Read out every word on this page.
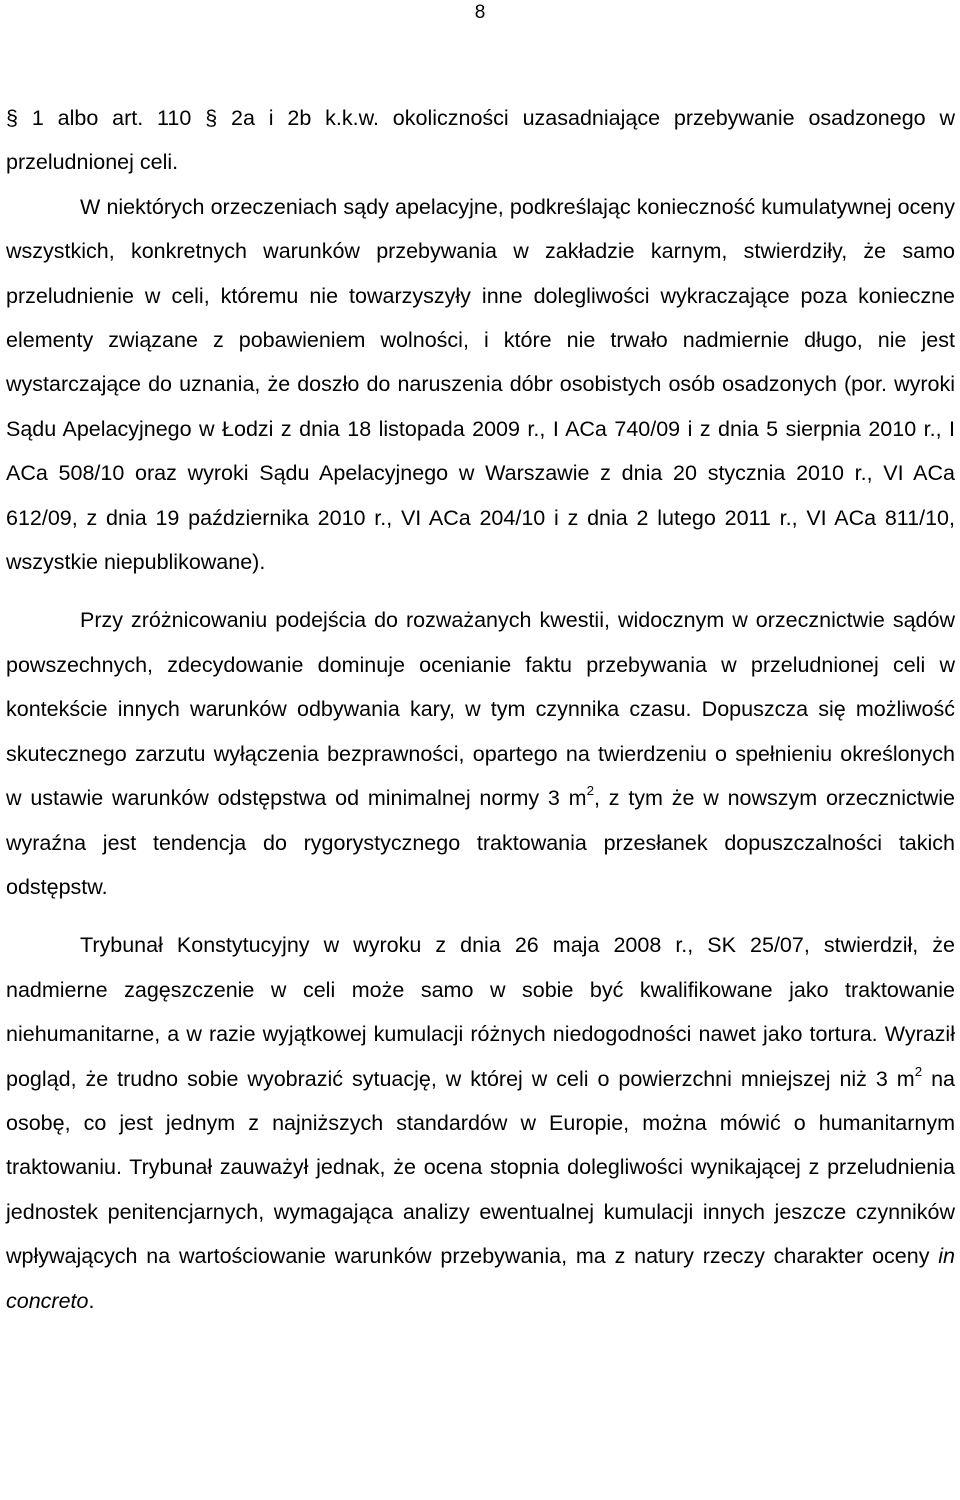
8

§ 1 albo art. 110 § 2a i 2b k.k.w. okoliczności uzasadniające przebywanie osadzonego w przeludnionej celi.

W niektórych orzeczeniach sądy apelacyjne, podkreślając konieczność kumulatywnej oceny wszystkich, konkretnych warunków przebywania w zakładzie karnym, stwierdziły, że samo przeludnienie w celi, któremu nie towarzyszyły inne dolegliwości wykraczające poza konieczne elementy związane z pobawieniem wolności, i które nie trwało nadmiernie długo, nie jest wystarczające do uznania, że doszło do naruszenia dóbr osobistych osób osadzonych (por. wyroki Sądu Apelacyjnego w Łodzi z dnia 18 listopada 2009 r., I ACa 740/09 i z dnia 5 sierpnia 2010 r., I ACa 508/10 oraz wyroki Sądu Apelacyjnego w Warszawie z dnia 20 stycznia 2010 r., VI ACa 612/09, z dnia 19 października 2010 r., VI ACa 204/10 i z dnia 2 lutego 2011 r., VI ACa 811/10, wszystkie niepublikowane).

Przy zróżnicowaniu podejścia do rozważanych kwestii, widocznym w orzecznictwie sądów powszechnych, zdecydowanie dominuje ocenianie faktu przebywania w przeludnionej celi w kontekście innych warunków odbywania kary, w tym czynnika czasu. Dopuszcza się możliwość skutecznego zarzutu wyłączenia bezprawności, opartego na twierdzeniu o spełnieniu określonych w ustawie warunków odstępstwa od minimalnej normy 3 $m^2$, z tym że w nowszym orzecznictwie wyraźna jest tendencja do rygorystycznego traktowania przesłanek dopuszczalności takich odstępstw.

Trybunał Konstytucyjny w wyroku z dnia 26 maja 2008 r., SK 25/07, stwierdził, że nadmierne zagęszczenie w celi może samo w sobie być kwalifikowane jako traktowanie niehumanitarne, a w razie wyjątkowej kumulacji różnych niedogodności nawet jako tortura. Wyraził pogląd, że trudno sobie wyobrazić sytuację, w której w celi o powierzchni mniejszej niż 3 $m^2$ na osobę, co jest jednym z najniższych standardów w Europie, można mówić o humanitarnym traktowaniu. Trybunał zauważył jednak, że ocena stopnia dolegliwości wynikającej z przeludnienia jednostek penitencjarnych, wymagająca analizy ewentualnej kumulacji innych jeszcze czynników wpływających na wartościowanie warunków przebywania, ma z natury rzeczy charakter oceny in concreto.
